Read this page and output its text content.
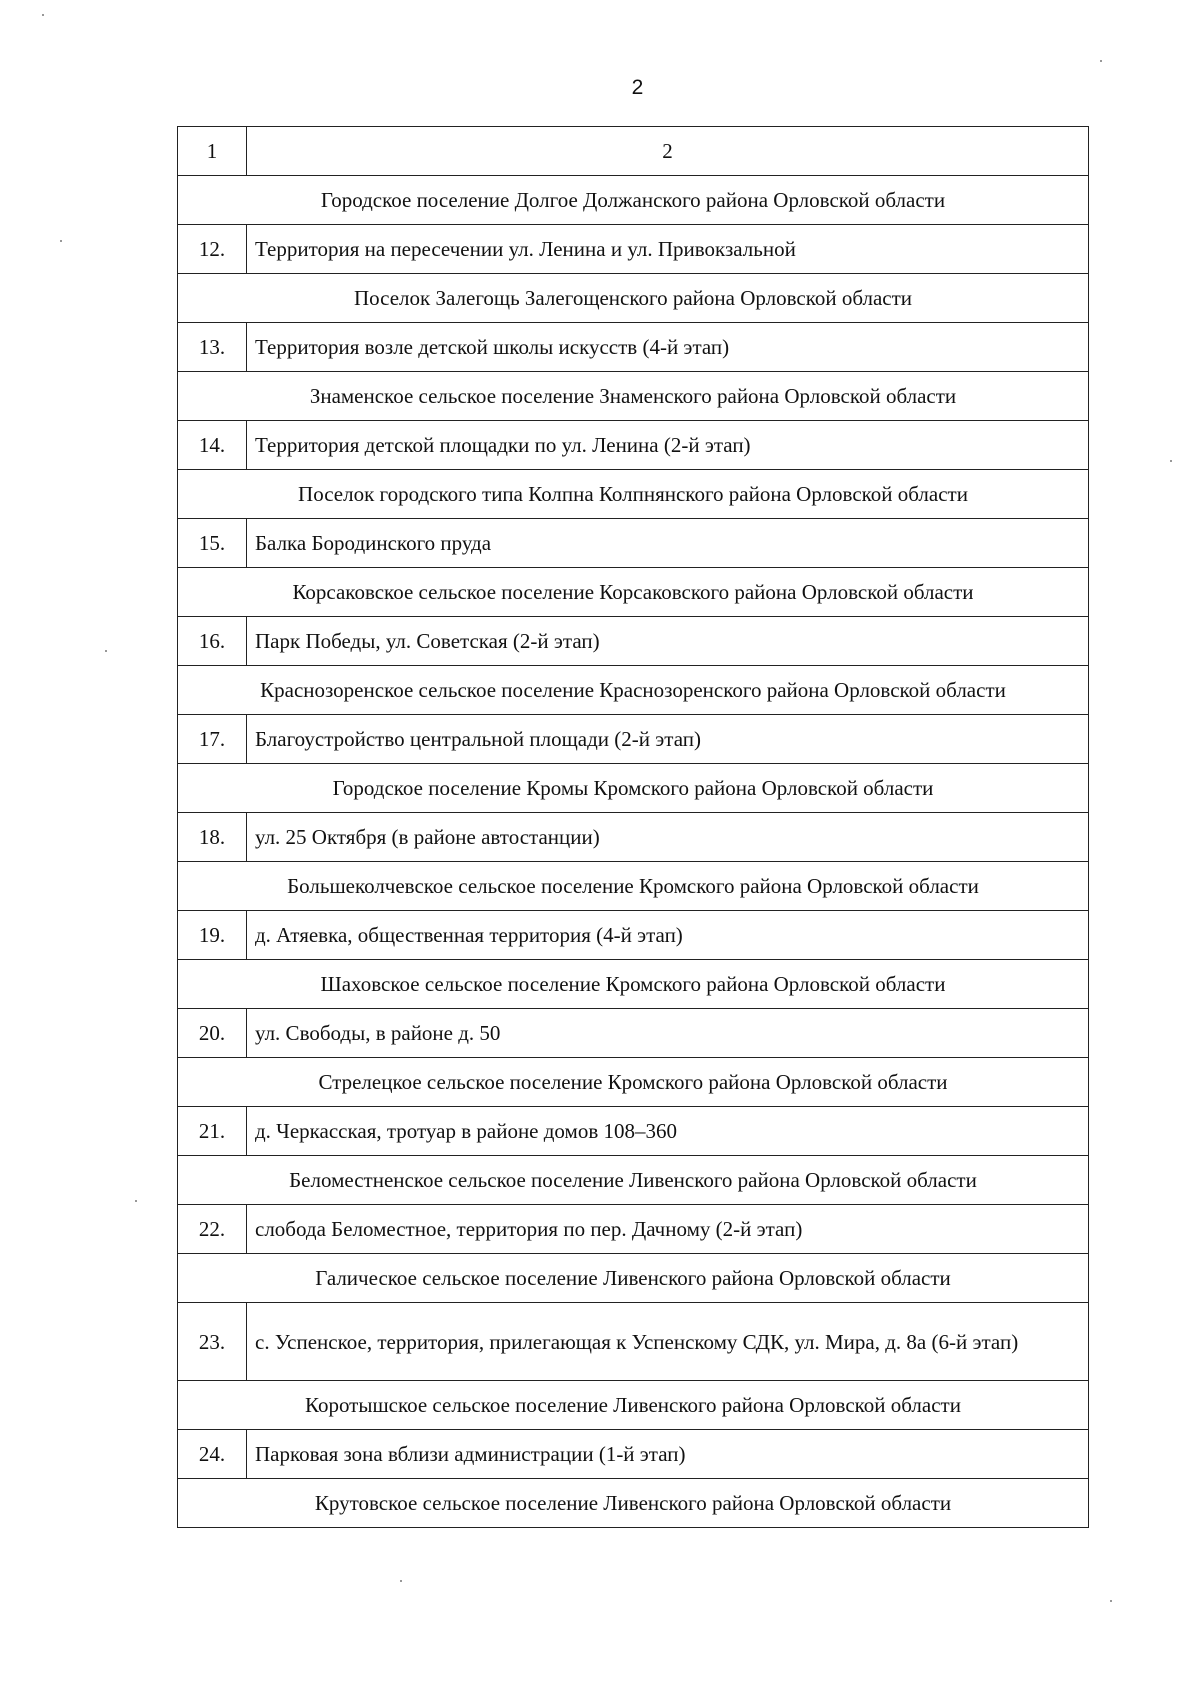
2
1	2
Городское поселение Долгое Должанского района Орловской области	
12.	Территория на пересечении ул. Ленина и ул. Привокзальной
Поселок Залегощь Залегощенского района Орловской области	
13.	Территория возле детской школы искусств (4-й этап)
Знаменское сельское поселение Знаменского района Орловской области	
14.	Территория детской площадки по ул. Ленина (2-й этап)
Поселок городского типа Колпна Колпнянского района Орловской области	
15.	Балка Бородинского пруда
Корсаковское сельское поселение Корсаковского района Орловской области	
16.	Парк Победы, ул. Советская (2-й этап)
Краснозоренское сельское поселение Краснозоренского района Орловской области	
17.	Благоустройство центральной площади (2-й этап)
Городское поселение Кромы Кромского района Орловской области	
18.	ул. 25 Октября (в районе автостанции)
Большеколчевское сельское поселение Кромского района Орловской области	
19.	д. Атяевка, общественная территория (4-й этап)
Шаховское сельское поселение Кромского района Орловской области	
20.	ул. Свободы, в районе д. 50
Стрелецкое сельское поселение Кромского района Орловской области	
21.	д. Черкасская, тротуар в районе домов 108–360
Беломестненское сельское поселение Ливенского района Орловской области	
22.	слобода Беломестное, территория по пер. Дачному (2-й этап)
Галическое сельское поселение Ливенского района Орловской области	
23.	с. Успенское, территория, прилегающая к Успенскому СДК, ул. Мира, д. 8а (6-й этап)
Коротышское сельское поселение Ливенского района Орловской области	
24.	Парковая зона вблизи администрации (1-й этап)
Крутовское сельское поселение Ливенского района Орловской области	
